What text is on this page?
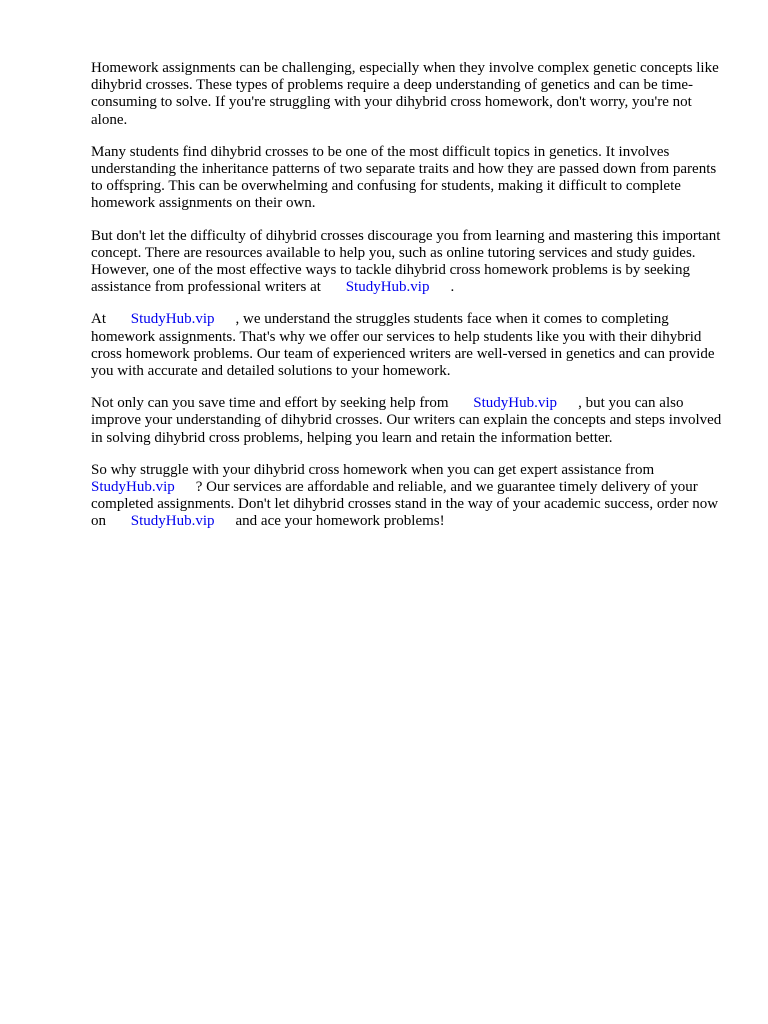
Homework assignments can be challenging, especially when they involve complex genetic concepts like dihybrid crosses. These types of problems require a deep understanding of genetics and can be time-consuming to solve. If you're struggling with your dihybrid cross homework, don't worry, you're not alone.

Many students find dihybrid crosses to be one of the most difficult topics in genetics. It involves understanding the inheritance patterns of two separate traits and how they are passed down from parents to offspring. This can be overwhelming and confusing for students, making it difficult to complete homework assignments on their own.

But don't let the difficulty of dihybrid crosses discourage you from learning and mastering this important concept. There are resources available to help you, such as online tutoring services and study guides. However, one of the most effective ways to tackle dihybrid cross homework problems is by seeking assistance from professional writers at StudyHub.vip .

At StudyHub.vip , we understand the struggles students face when it comes to completing homework assignments. That's why we offer our services to help students like you with their dihybrid cross homework problems. Our team of experienced writers are well-versed in genetics and can provide you with accurate and detailed solutions to your homework.

Not only can you save time and effort by seeking help from StudyHub.vip , but you can also improve your understanding of dihybrid crosses. Our writers can explain the concepts and steps involved in solving dihybrid cross problems, helping you learn and retain the information better.

So why struggle with your dihybrid cross homework when you can get expert assistance from StudyHub.vip ? Our services are affordable and reliable, and we guarantee timely delivery of your completed assignments. Don't let dihybrid crosses stand in the way of your academic success, order now on StudyHub.vip and ace your homework problems!
